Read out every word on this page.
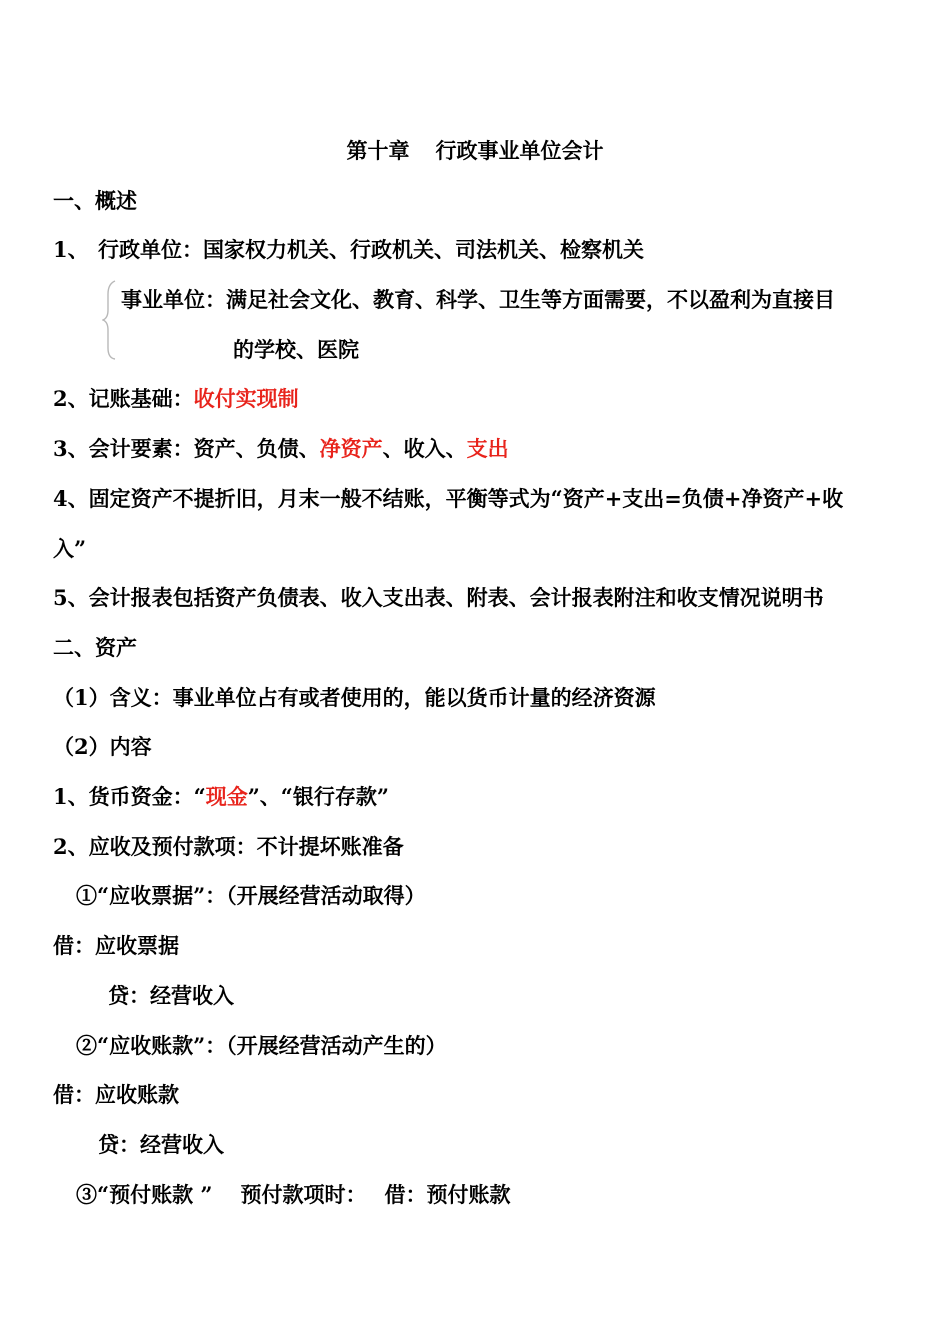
第十章 行政事业单位会计
一、概述
1、 行政单位：国家权力机关、行政机关、司法机关、检察机关
事业单位：满足社会文化、教育、科学、卫生等方面需要，不以盈利为直接目
的学校、医院
2、记账基础：收付实现制
3、会计要素：资产、负债、净资产、收入、支出
4、固定资产不提折旧，月末一般不结账，平衡等式为“资产+支出=负债+净资产+收
入”
5、会计报表包括资产负债表、收入支出表、附表、会计报表附注和收支情况说明书
二、资产
（1）含义：事业单位占有或者使用的，能以货币计量的经济资源
（2）内容
1、货币资金：“现金”、“银行存款”
2、应收及预付款项：不计提坏账准备
①“应收票据”：（开展经营活动取得）
借：应收票据
贷：经营收入
②“应收账款”：（开展经营活动产生的）
借：应收账款
贷：经营收入
③“预付账款 ” 预付款项时： 借：预付账款
